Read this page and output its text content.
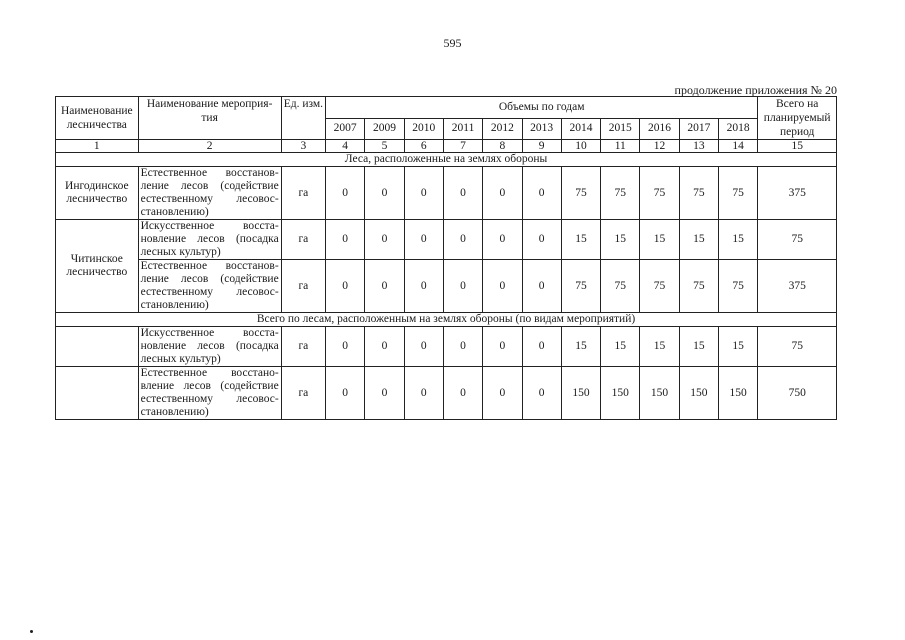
595
продолжение приложения № 20
Наименование лесничества	Наименование мероприя-тия	Ед. изм.	Объемы по годам											Всего на планируемый период
			2007	2009	2010	2011	2012	2013	2014	2015	2016	2017	2018	
1	2	3	4	5	6	7	8	9	10	11	12	13	14	15
Леса, расположенные на землях обороны														
Ингодинское лесничество	Естественное восстанов-ление лесов (содействие естественному лесовос-становлению)	га	0	0	0	0	0	0	75	75	75	75	75	375
Читинское лесничество	Искусственное восста-новление лесов (посадка лесных культур)	га	0	0	0	0	0	0	15	15	15	15	15	75
	Естественное восстанов-ление лесов (содействие естественному лесовос-становлению)	га	0	0	0	0	0	0	75	75	75	75	75	375
Всего по лесам, расположенным на землях обороны (по видам мероприятий)														
	Искусственное восста-новление лесов (посадка лесных культур)	га	0	0	0	0	0	0	15	15	15	15	15	75
	Естественное восстано-вление лесов (содействие естественному лесовос-становлению)	га	0	0	0	0	0	0	150	150	150	150	150	750
